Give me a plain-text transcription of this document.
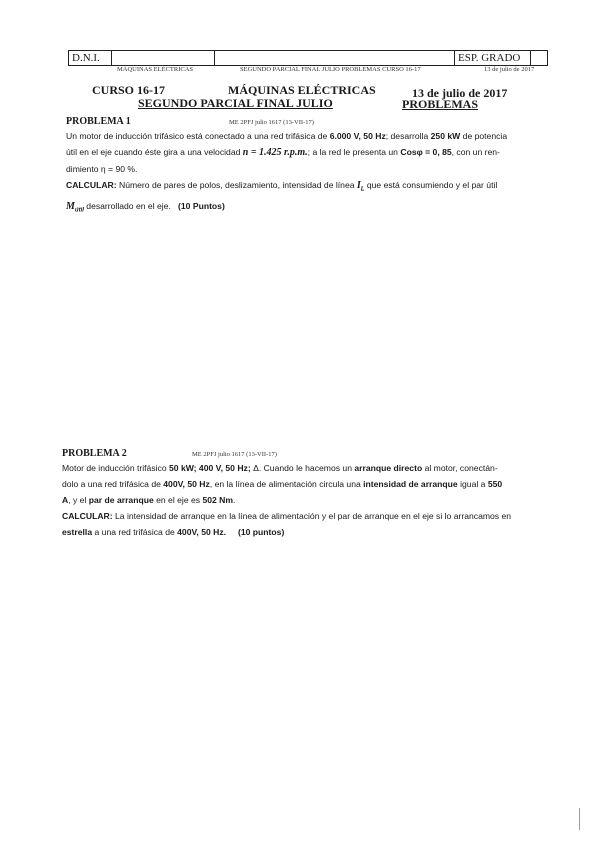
D.N.I.	ESP. GRADO
MÁQUINAS ELÉCTRICAS	SEGUNDO PARCIAL FINAL JULIO PROBLEMAS CURSO 16-17	13 de julio de 2017
CURSO 16-17	MÁQUINAS ELÉCTRICAS	13 de julio de 2017
SEGUNDO PARCIAL FINAL JULIO	PROBLEMAS
PROBLEMA 1	ME 2PFJ julio 1617 (13-VII-17)
Un motor de inducción trifásico está conectado a una red trifásica de 6.000 V, 50 Hz; desarrolla 250 kW de potencia
útil en el eje cuando éste gira a una velocidad n = 1.425 r.p.m.; a la red le presenta un Cosφ = 0, 85, con un ren-
dimiento η = 90 %.
CALCULAR: Número de pares de polos, deslizamiento, intensidad de línea $I_L$ que está consumiendo y el par útil
$M_{útil}$ desarrollado en el eje. (10 Puntos)
PROBLEMA 2	ME 2PFJ julio 1617 (13-VII-17)
Motor de inducción trifásico 50 kW; 400 V, 50 Hz; Δ. Cuando le hacemos un arranque directo al motor, conectán-
dolo a una red trifásica de 400V, 50 Hz, en la línea de alimentación circula una intensidad de arranque igual a 550
A, y el par de arranque en el eje es 502 Nm.
CALCULAR: La intensidad de arranque en la línea de alimentación y el par de arranque en el eje si lo arrancamos en
estrella a una red trifásica de 400V, 50 Hz. (10 puntos)
